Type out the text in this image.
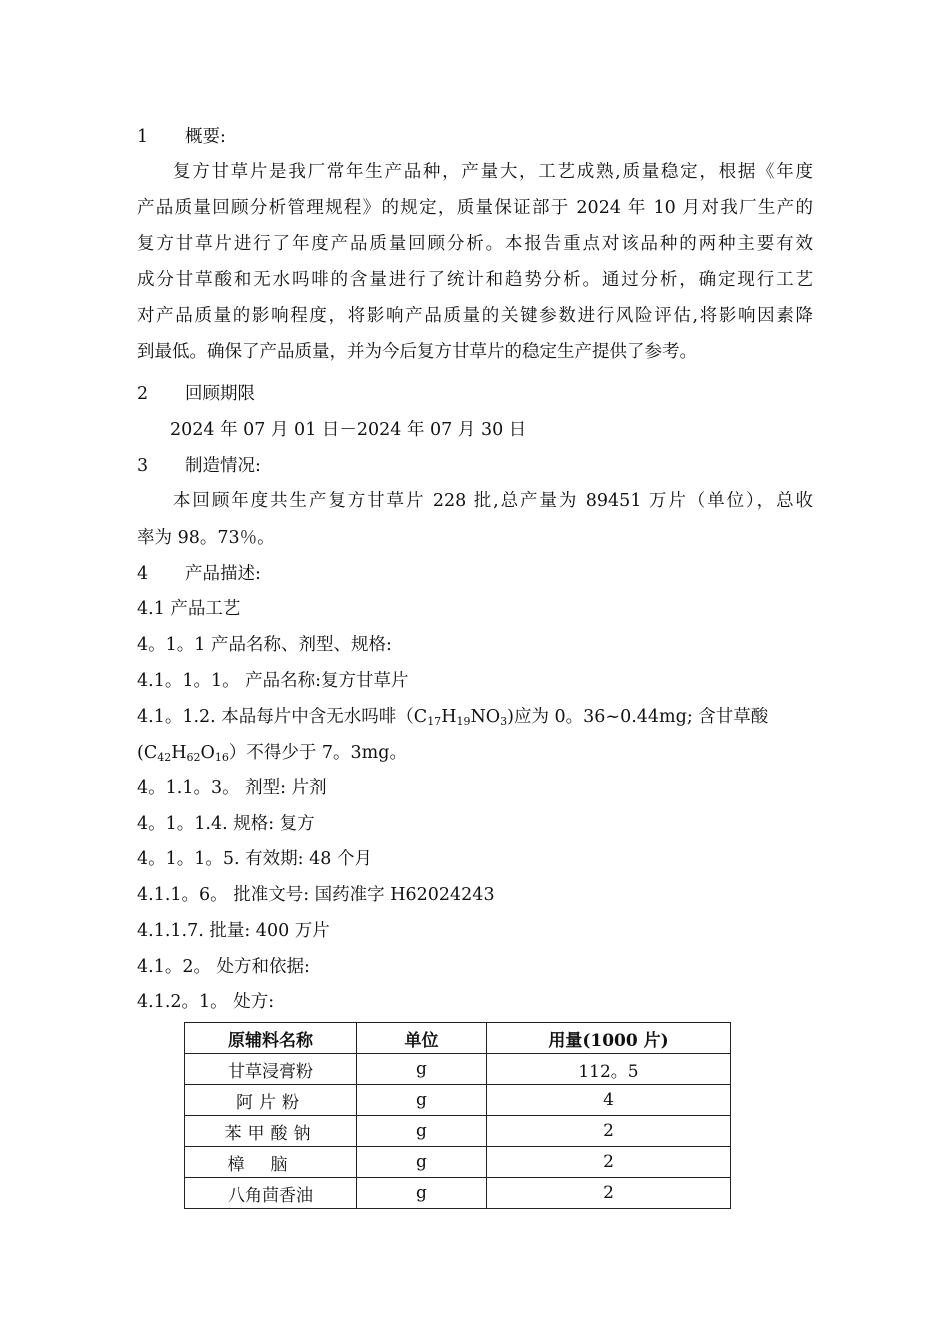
1 概要:
复方甘草片是我厂常年生产品种，产量大，工艺成熟,质量稳定，根据《年度
产品质量回顾分析管理规程》的规定，质量保证部于 2024 年 10 月对我厂生产的
复方甘草片进行了年度产品质量回顾分析。本报告重点对该品种的两种主要有效
成分甘草酸和无水吗啡的含量进行了统计和趋势分析。通过分析，确定现行工艺
对产品质量的影响程度，将影响产品质量的关键参数进行风险评估,将影响因素降
到最低。确保了产品质量，并为今后复方甘草片的稳定生产提供了参考。
2 回顾期限
2024 年 07 月 01 日－2024 年 07 月 30 日
3 制造情况:
本回顾年度共生产复方甘草片 228 批,总产量为 89451 万片（单位），总收
率为 98。73％。
4 产品描述:
4.1 产品工艺
4。1。1 产品名称、剂型、规格:
4.1。1。1。 产品名称:复方甘草片
4.1。1.2. 本品每片中含无水吗啡$(C_{17}H_{19}NO_3)$应为 0。36~0.44mg; 含甘草酸
$(C_{42}H_{62}O_{16})$不得少于 7。3mg。
4。1.1。3。 剂型: 片剂
4。1。1.4. 规格: 复方
4。1。1。5. 有效期: 48 个月
4.1.1。6。 批准文号: 国药准字 H62024243
4.1.1.7. 批量: 400 万片
4.1。2。 处方和依据:
4.1.2。1。 处方:
原辅料名称	单位	用量(1000 片)
甘草浸膏粉	g	112。5
阿片粉	g	4
苯甲酸钠	g	2
樟脑	g	2
八角茴香油	g	2
